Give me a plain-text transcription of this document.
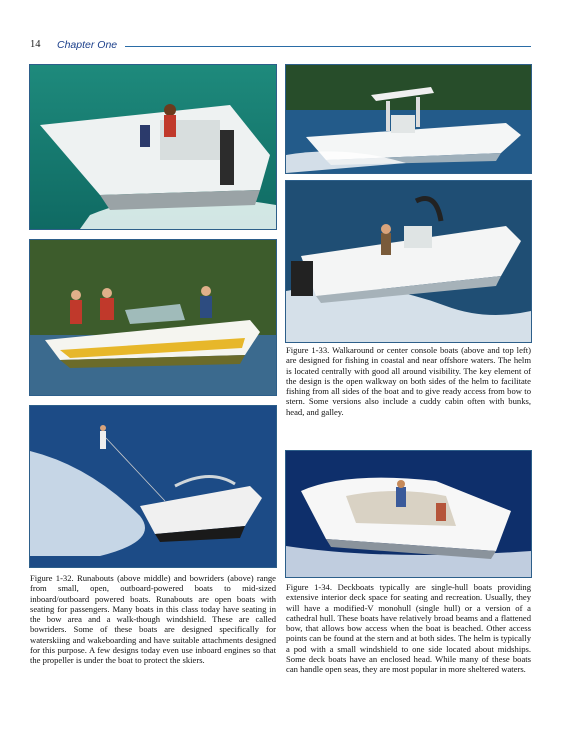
14 Chapter One

Figure 1-33. Walkaround or center console boats (above and top left) are designed for fishing in coastal and near offshore waters. The helm is located centrally with good all around visibility. The key element of the design is the open walkway on both sides of the helm to facilitate fishing from all sides of the boat and to give ready access from bow to stern. Some versions also include a cuddy cabin often with bunks, head, and galley.

Figure 1-32. Runabouts (above middle) and bowriders (above) range from small, open, outboard-powered boats to mid-sized inboard/outboard powered boats. Runabouts are open boats with seating for passengers. Many boats in this class today have seating in the bow area and a walk-though windshield. These are called bowriders. Some of these boats are designed specifically for waterskiing and wakeboarding and have suitable attachments designed for this purpose. A few designs today even use inboard engines so that the propeller is under the boat to protect the skiers.

Figure 1-34. Deckboats typically are single-hull boats providing extensive interior deck space for seating and recreation. Usually, they will have a modified-V monohull (single hull) or a version of a cathedral hull. These boats have relatively broad beams and a flattened bow, that allows bow access when the boat is beached. Other access points can be found at the stern and at both sides. The helm is typically a pod with a small windshield to one side located about midships. Some deck boats have an enclosed head. While many of these boats can handle open seas, they are most popular in more sheltered waters.
